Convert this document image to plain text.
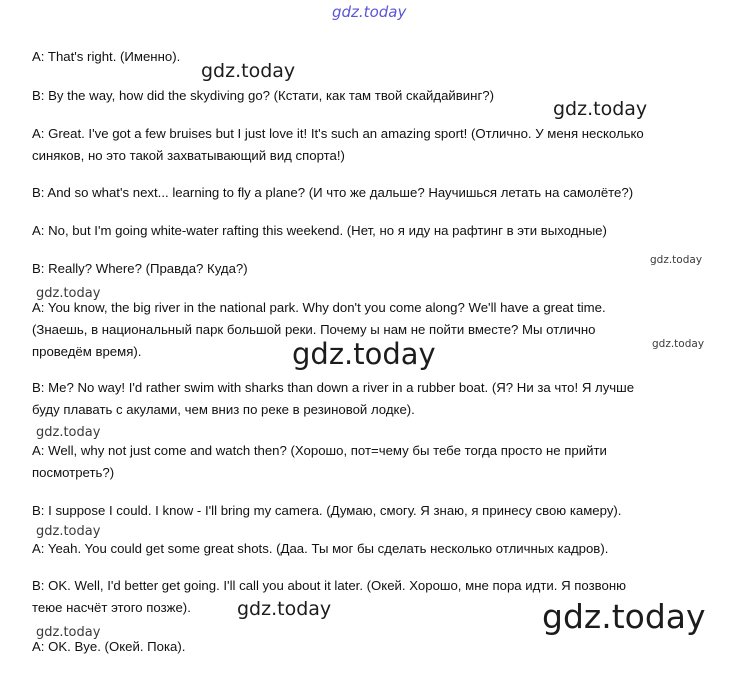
gdz.today
gdz.today
gdz.today
gdz.today
gdz.today
gdz.today
gdz.today
gdz.today
gdz.today
gdz.today	gdz.today
gdz.today
A: That's right. (Именно).
B: By the way, how did the skydiving go? (Кстати, как там твой скайдайвинг?)
A: Great. I've got a few bruises but I just love it! It's such an amazing sport! (Отлично. У меня несколько
синяков, но это такой захватывающий вид спорта!)
B: And so what's next... learning to fly a plane? (И что же дальше? Научишься летать на самолёте?)
A: No, but I'm going white-water rafting this weekend. (Нет, но я иду на рафтинг в эти выходные)
B: Really? Where? (Правда? Куда?)
A: You know, the big river in the national park. Why don't you come along? We'll have a great time.
(Знаешь, в национальный парк большой реки. Почему ы нам не пойти вместе? Мы отлично
проведём время).
B: Me? No way! I'd rather swim with sharks than down a river in a rubber boat. (Я? Ни за что! Я лучше
буду плавать с акулами, чем вниз по реке в резиновой лодке).
A: Well, why not just come and watch then? (Хорошо, пот=чему бы тебе тогда просто не прийти
посмотреть?)
B: I suppose I could. I know - I'll bring my camera. (Думаю, смогу. Я знаю, я принесу свою камеру).
A: Yeah. You could get some great shots. (Даа. Ты мог бы сделать несколько отличных кадров).
B: OK. Well, I'd better get going. I'll call you about it later. (Окей. Хорошо, мне пора идти. Я позвоню
теюе насчёт этого позже).
A: OK. Bye. (Окей. Пока).
